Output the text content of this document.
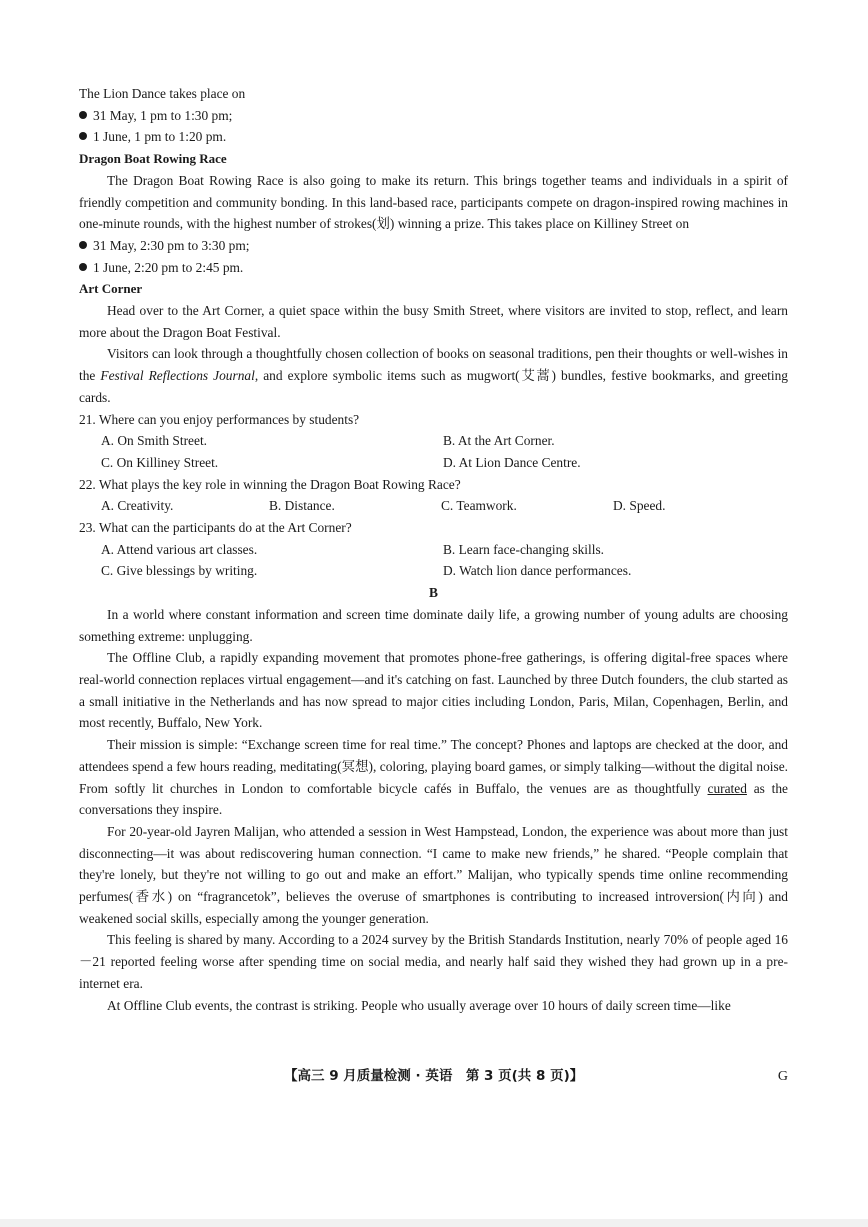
The Lion Dance takes place on

31 May, 1 pm to 1:30 pm;

1 June, 1 pm to 1:20 pm.

Dragon Boat Rowing Race

The Dragon Boat Rowing Race is also going to make its return. This brings together teams and individuals in a spirit of friendly competition and community bonding. In this land-based race, participants compete on dragon-inspired rowing machines in one-minute rounds, with the highest number of strokes(划) winning a prize. This takes place on Killiney Street on

31 May, 2:30 pm to 3:30 pm;

1 June, 2:20 pm to 2:45 pm.

Art Corner

Head over to the Art Corner, a quiet space within the busy Smith Street, where visitors are invited to stop, reflect, and learn more about the Dragon Boat Festival.

Visitors can look through a thoughtfully chosen collection of books on seasonal traditions, pen their thoughts or well-wishes in the Festival Reflections Journal, and explore symbolic items such as mugwort(艾蒿) bundles, festive bookmarks, and greeting cards.

21. Where can you enjoy performances by students?

A. On Smith Street.	B. At the Art Corner.
C. On Killiney Street.	D. At Lion Dance Centre.

22. What plays the key role in winning the Dragon Boat Rowing Race?

A. Creativity.	B. Distance.	C. Teamwork.	D. Speed.

23. What can the participants do at the Art Corner?

A. Attend various art classes.	B. Learn face-changing skills.
C. Give blessings by writing.	D. Watch lion dance performances.

B

In a world where constant information and screen time dominate daily life, a growing number of young adults are choosing something extreme: unplugging.

The Offline Club, a rapidly expanding movement that promotes phone-free gatherings, is offering digital-free spaces where real-world connection replaces virtual engagement—and it's catching on fast. Launched by three Dutch founders, the club started as a small initiative in the Netherlands and has now spread to major cities including London, Paris, Milan, Copenhagen, Berlin, and most recently, Buffalo, New York.

Their mission is simple: “Exchange screen time for real time.” The concept? Phones and laptops are checked at the door, and attendees spend a few hours reading, meditating(冥想), coloring, playing board games, or simply talking—without the digital noise. From softly lit churches in London to comfortable bicycle cafés in Buffalo, the venues are as thoughtfully curated as the conversations they inspire.

For 20-year-old Jayren Malijan, who attended a session in West Hampstead, London, the experience was about more than just disconnecting—it was about rediscovering human connection. “I came to make new friends,” he shared. “People complain that they're lonely, but they're not willing to go out and make an effort.” Malijan, who typically spends time online recommending perfumes(香水) on “fragrancetok”, believes the overuse of smartphones is contributing to increased introversion(内向) and weakened social skills, especially among the younger generation.

This feeling is shared by many. According to a 2024 survey by the British Standards Institution, nearly 70% of people aged 16－21 reported feeling worse after spending time on social media, and nearly half said they wished they had grown up in a pre-internet era.

At Offline Club events, the contrast is striking. People who usually average over 10 hours of daily screen time—like

【高三 9 月质量检测 · 英语　第 3 页(共 8 页)】	G
